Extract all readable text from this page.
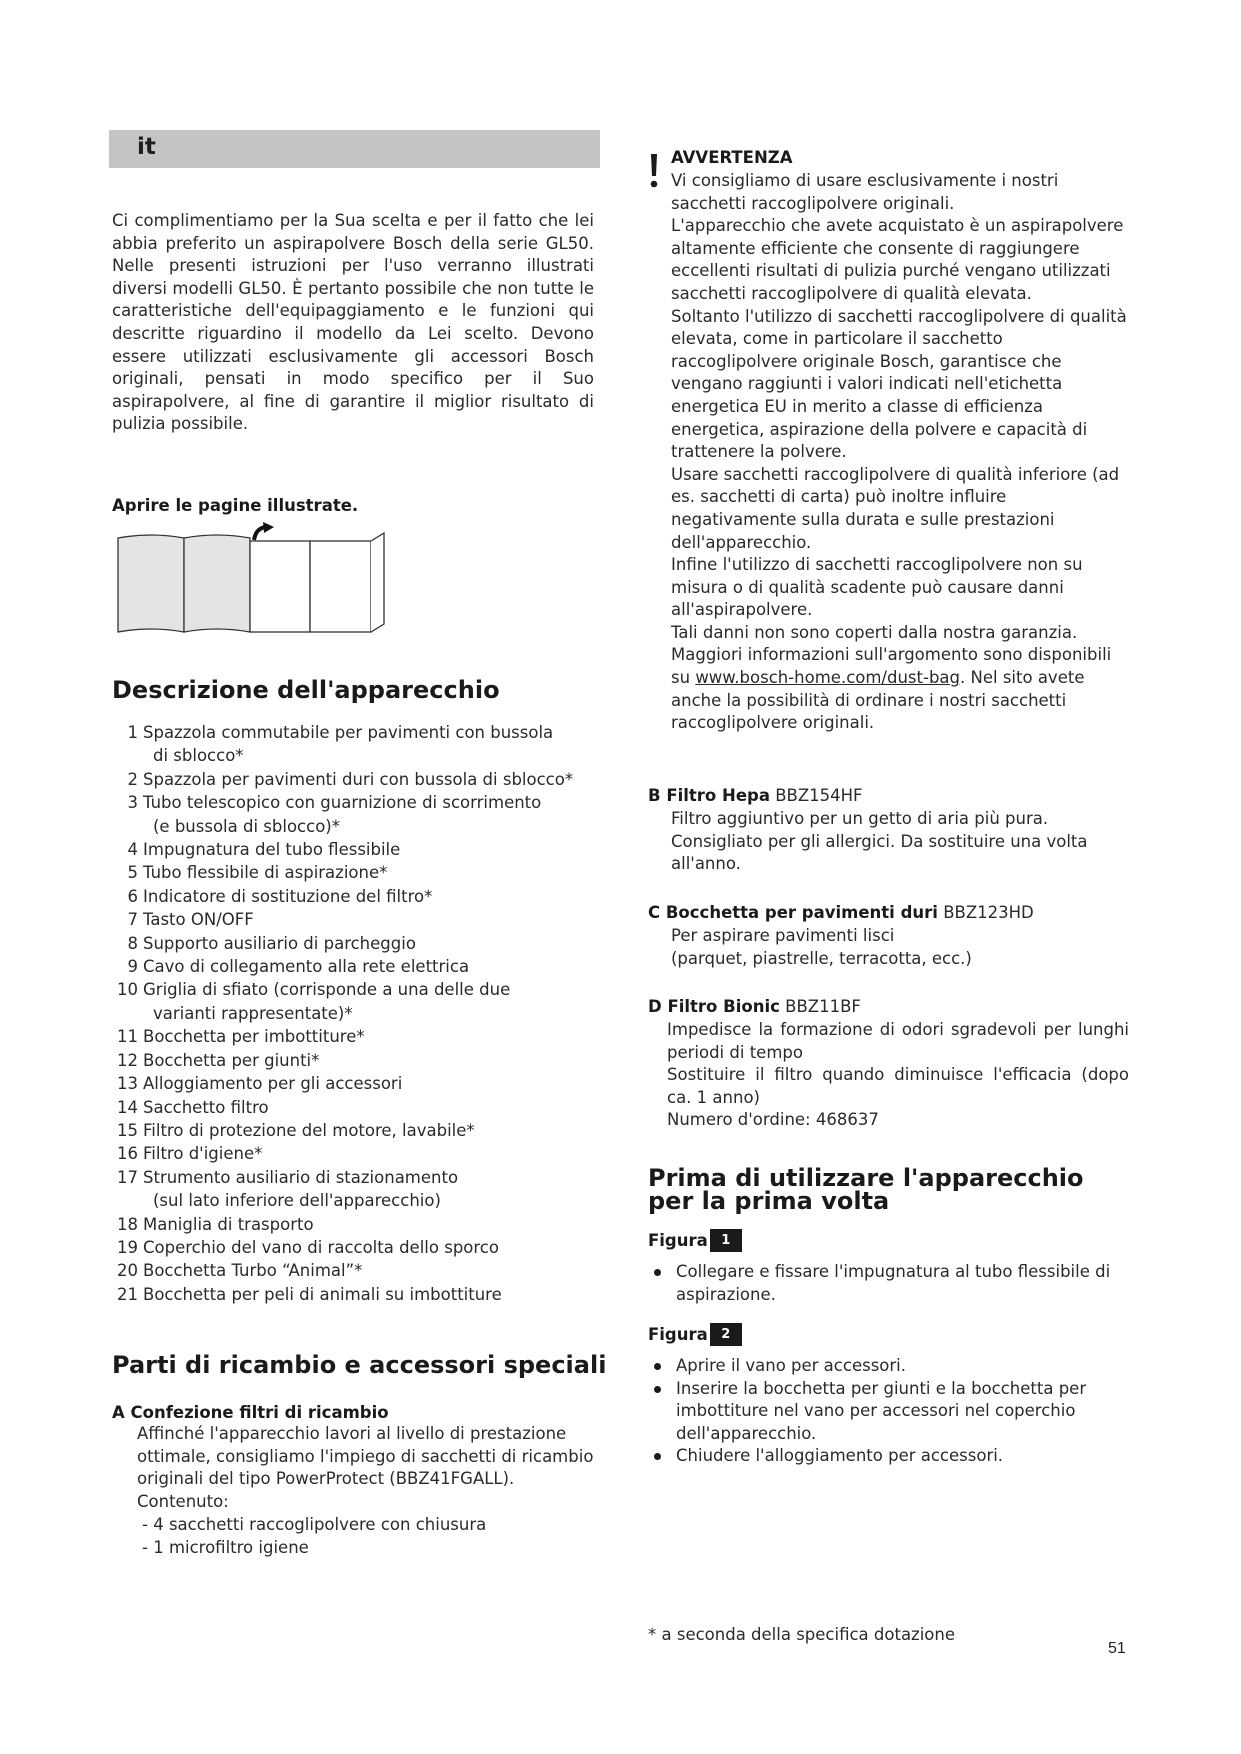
it
Ci complimentiamo per la Sua scelta e per il fatto che lei abbia preferito un aspirapolvere Bosch della serie GL50. Nelle presenti istruzioni per l'uso verranno illustrati diversi modelli GL50. È pertanto possibile che non tutte le caratteristiche dell'equipaggiamento e le funzioni qui descritte riguardino il modello da Lei scelto. Devono essere utilizzati esclusivamente gli accessori Bosch originali, pensati in modo specifico per il Suo aspirapolvere, al fine di garantire il miglior risultato di pulizia possibile.
Aprire le pagine illustrate.
Descrizione dell'apparecchio
1 Spazzola commutabile per pavimenti con bussola
di sblocco*
2 Spazzola per pavimenti duri con bussola di sblocco*
3 Tubo telescopico con guarnizione di scorrimento
(e bussola di sblocco)*
4 Impugnatura del tubo flessibile
5 Tubo flessibile di aspirazione*
6 Indicatore di sostituzione del filtro*
7 Tasto ON/OFF
8 Supporto ausiliario di parcheggio
9 Cavo di collegamento alla rete elettrica
10 Griglia di sfiato (corrisponde a una delle due
varianti rappresentate)*
11 Bocchetta per imbottiture*
12 Bocchetta per giunti*
13 Alloggiamento per gli accessori
14 Sacchetto filtro
15 Filtro di protezione del motore, lavabile*
16 Filtro d'igiene*
17 Strumento ausiliario di stazionamento
(sul lato inferiore dell'apparecchio)
18 Maniglia di trasporto
19 Coperchio del vano di raccolta dello sporco
20 Bocchetta Turbo “Animal”*
21 Bocchetta per peli di animali su imbottiture
Parti di ricambio e accessori speciali
A Confezione filtri di ricambio
Affinché l'apparecchio lavori al livello di prestazione ottimale, consigliamo l'impiego di sacchetti di ricambio originali del tipo PowerProtect (BBZ41FGALL).
Contenuto:
- 4 sacchetti raccoglipolvere con chiusura
- 1 microfiltro igiene
AVVERTENZA

Vi consigliamo di usare esclusivamente i nostri sacchetti raccoglipolvere originali.

L'apparecchio che avete acquistato è un aspirapolvere altamente efficiente che consente di raggiungere eccellenti risultati di pulizia purché vengano utilizzati sacchetti raccoglipolvere di qualità elevata.

Soltanto l'utilizzo di sacchetti raccoglipolvere di qualità elevata, come in particolare il sacchetto raccoglipolvere originale Bosch, garantisce che vengano raggiunti i valori indicati nell'etichetta energetica EU in merito a classe di efficienza energetica, aspirazione della polvere e capacità di trattenere la polvere.

Usare sacchetti raccoglipolvere di qualità inferiore (ad es. sacchetti di carta) può inoltre influire negativamente sulla durata e sulle prestazioni dell'apparecchio.

Infine l'utilizzo di sacchetti raccoglipolvere non su misura o di qualità scadente può causare danni all'aspirapolvere.

Tali danni non sono coperti dalla nostra garanzia.

Maggiori informazioni sull'argomento sono disponibili su www.bosch-home.com/dust-bag. Nel sito avete anche la possibilità di ordinare i nostri sacchetti raccoglipolvere originali.

B Filtro Hepa BBZ154HF
Filtro aggiuntivo per un getto di aria più pura.
Consigliato per gli allergici. Da sostituire una volta all'anno.
C Bocchetta per pavimenti duri BBZ123HD
Per aspirare pavimenti lisci
(parquet, piastrelle, terracotta, ecc.)
D Filtro Bionic BBZ11BF
Impedisce la formazione di odori sgradevoli per lunghi periodi di tempo
Sostituire il filtro quando diminuisce l'efficacia (dopo ca. 1 anno)
Numero d'ordine: 468637
Prima di utilizzare l'apparecchio per la prima volta
Figura 1
Collegare e fissare l'impugnatura al tubo flessibile di aspirazione.
Figura 2
Aprire il vano per accessori.
Inserire la bocchetta per giunti e la bocchetta per imbottiture nel vano per accessori nel coperchio dell'apparecchio.
Chiudere l'alloggiamento per accessori.
* a seconda della specifica dotazione
51
